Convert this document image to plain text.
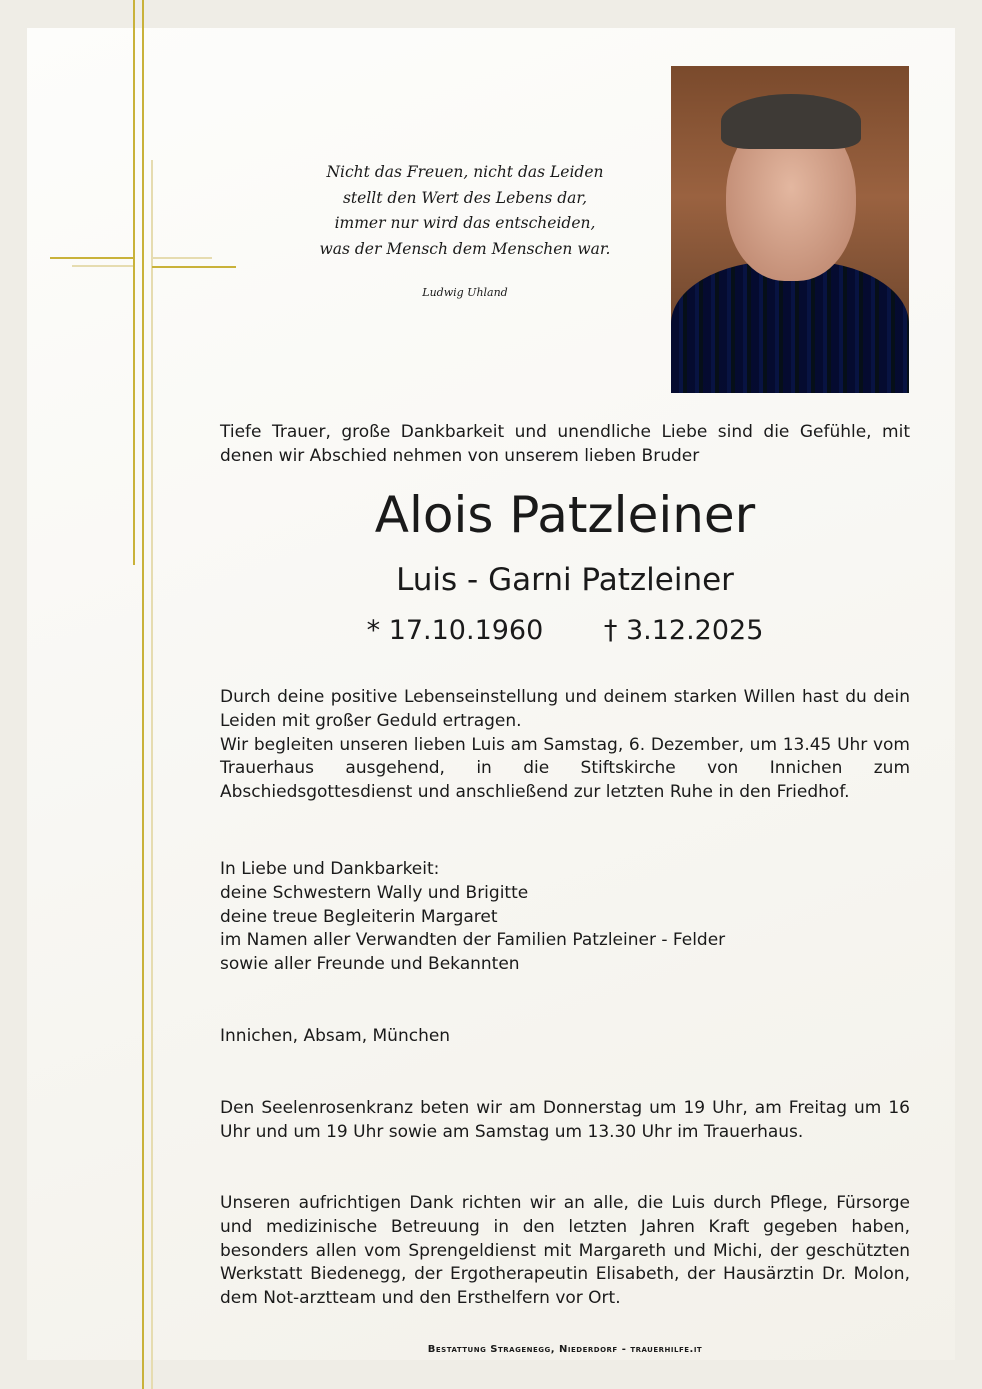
Nicht das Freuen, nicht das Leiden
stellt den Wert des Lebens dar,
immer nur wird das entscheiden,
was der Mensch dem Menschen war.
Ludwig Uhland
Tiefe Trauer, große Dankbarkeit und unendliche Liebe sind die Gefühle, mit denen wir Abschied nehmen von unserem lieben Bruder
Alois Patzleiner
Luis - Garni Patzleiner
* 17.10.1960 † 3.12.2025

Durch deine positive Lebenseinstellung und deinem starken Willen hast du dein Leiden mit großer Geduld ertragen.

Wir begleiten unseren lieben Luis am Samstag, 6. Dezember, um 13.45 Uhr vom Trauerhaus ausgehend, in die Stiftskirche von Innichen zum Abschiedsgottesdienst und anschließend zur letzten Ruhe in den Friedhof.

In Liebe und Dankbarkeit:
deine Schwestern Wally und Brigitte
deine treue Begleiterin Margaret
im Namen aller Verwandten der Familien Patzleiner - Felder
sowie aller Freunde und Bekannten
Innichen, Absam, München
Den Seelenrosenkranz beten wir am Donnerstag um 19 Uhr, am Freitag um 16 Uhr und um 19 Uhr sowie am Samstag um 13.30 Uhr im Trauerhaus.
Unseren aufrichtigen Dank richten wir an alle, die Luis durch Pflege, Fürsorge und medizinische Betreuung in den letzten Jahren Kraft gegeben haben, besonders allen vom Sprengeldienst mit Margareth und Michi, der geschützten Werkstatt Biedenegg, der Ergotherapeutin Elisabeth, der Hausärztin Dr. Molon, dem Not-arztteam und den Ersthelfern vor Ort.
Bestattung Stragenegg, Niederdorf - trauerhilfe.it
